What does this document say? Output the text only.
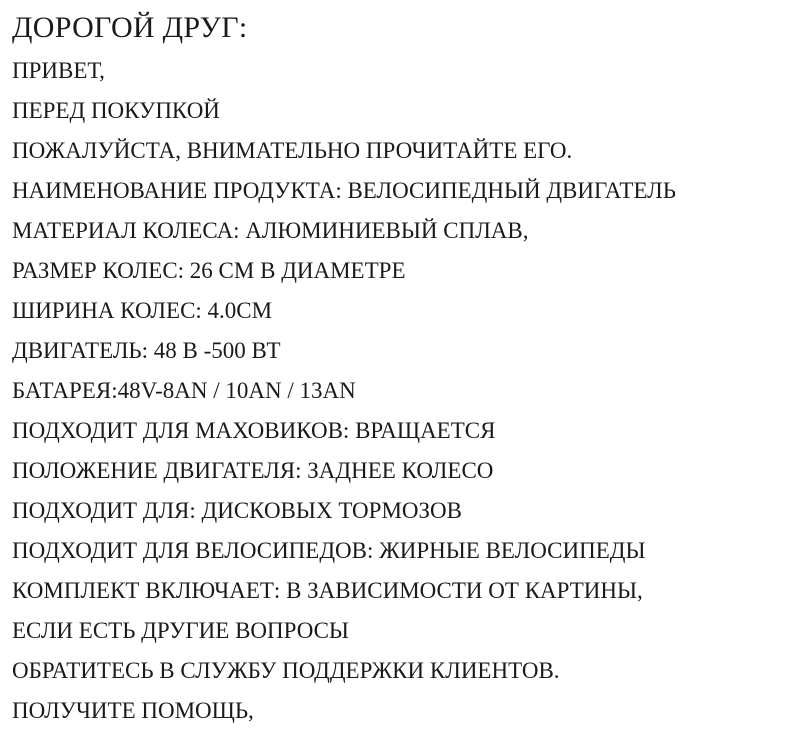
ДОРОГОЙ ДРУГ:
ПРИВЕТ,
ПЕРЕД ПОКУПКОЙ
ПОЖАЛУЙСТА, ВНИМАТЕЛЬНО ПРОЧИТАЙТЕ ЕГО.
НАИМЕНОВАНИЕ ПРОДУКТА: ВЕЛОСИПЕДНЫЙ ДВИГАТЕЛЬ
МАТЕРИАЛ КОЛЕСА: АЛЮМИНИЕВЫЙ СПЛАВ,
РАЗМЕР КОЛЕС: 26 СМ В ДИАМЕТРЕ
ШИРИНА КОЛЕС: 4.0СМ
ДВИГАТЕЛЬ: 48 В -500 ВТ
БАТАРЕЯ:48V-8AN / 10AN / 13AN
ПОДХОДИТ ДЛЯ МАХОВИКОВ: ВРАЩАЕТСЯ
ПОЛОЖЕНИЕ ДВИГАТЕЛЯ: ЗАДНЕЕ КОЛЕСО
ПОДХОДИТ ДЛЯ: ДИСКОВЫХ ТОРМОЗОВ
ПОДХОДИТ ДЛЯ ВЕЛОСИПЕДОВ: ЖИРНЫЕ ВЕЛОСИПЕДЫ
КОМПЛЕКТ ВКЛЮЧАЕТ: В ЗАВИСИМОСТИ ОТ КАРТИНЫ,
ЕСЛИ ЕСТЬ ДРУГИЕ ВОПРОСЫ
ОБРАТИТЕСЬ В СЛУЖБУ ПОДДЕРЖКИ КЛИЕНТОВ.
ПОЛУЧИТЕ ПОМОЩЬ,
